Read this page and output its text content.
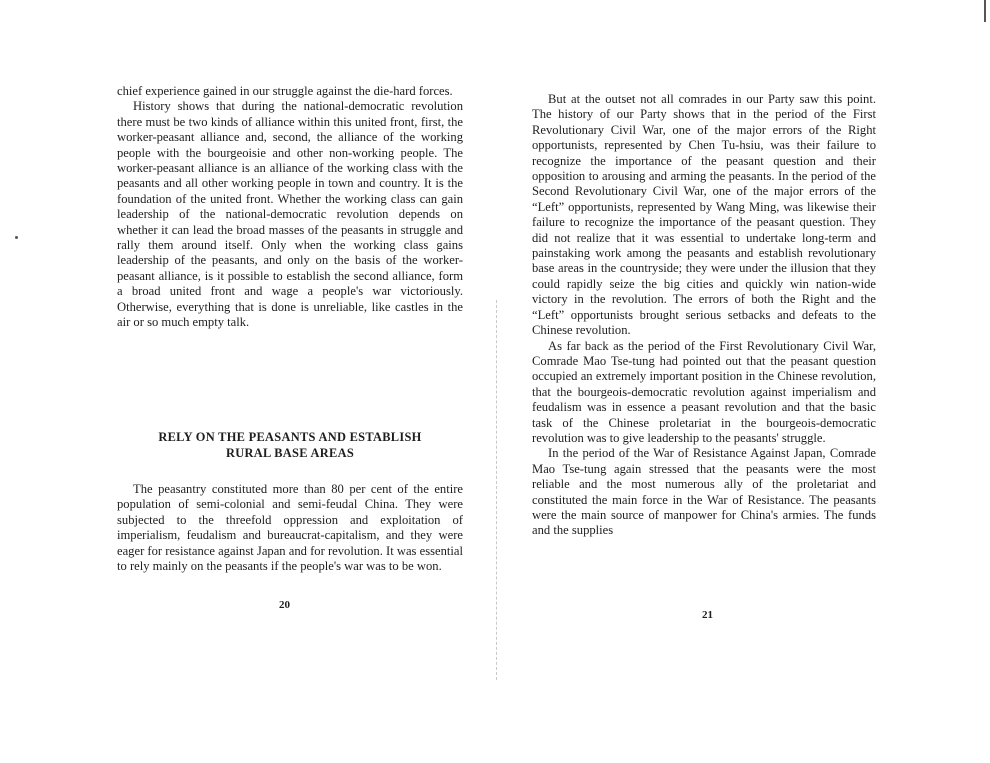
chief experience gained in our struggle against the die-hard forces.

History shows that during the national-democratic revolution there must be two kinds of alliance within this united front, first, the worker-peasant alliance and, second, the alliance of the working people with the bourgeoisie and other non-working people. The worker-peasant alliance is an alliance of the working class with the peasants and all other working people in town and country. It is the foundation of the united front. Whether the working class can gain leadership of the national-democratic revolution depends on whether it can lead the broad masses of the peasants in struggle and rally them around itself. Only when the working class gains leadership of the peasants, and only on the basis of the worker-peasant alliance, is it possible to establish the second alliance, form a broad united front and wage a people's war victoriously. Otherwise, everything that is done is unreliable, like castles in the air or so much empty talk.

RELY ON THE PEASANTS AND ESTABLISH
RURAL BASE AREAS

The peasantry constituted more than 80 per cent of the entire population of semi-colonial and semi-feudal China. They were subjected to the threefold oppression and exploitation of imperialism, feudalism and bureaucrat-capitalism, and they were eager for resistance against Japan and for revolution. It was essential to rely mainly on the peasants if the people's war was to be won.

20

But at the outset not all comrades in our Party saw this point. The history of our Party shows that in the period of the First Revolutionary Civil War, one of the major errors of the Right opportunists, represented by Chen Tu-hsiu, was their failure to recognize the importance of the peasant question and their opposition to arousing and arming the peasants. In the period of the Second Revolutionary Civil War, one of the major errors of the “Left” opportunists, represented by Wang Ming, was likewise their failure to recognize the importance of the peasant question. They did not realize that it was essential to undertake long-term and painstaking work among the peasants and establish revolutionary base areas in the countryside; they were under the illusion that they could rapidly seize the big cities and quickly win nation-wide victory in the revolution. The errors of both the Right and the “Left” opportunists brought serious setbacks and defeats to the Chinese revolution.

As far back as the period of the First Revolutionary Civil War, Comrade Mao Tse-tung had pointed out that the peasant question occupied an extremely important position in the Chinese revolution, that the bourgeois-democratic revolution against imperialism and feudalism was in essence a peasant revolution and that the basic task of the Chinese proletariat in the bourgeois-democratic revolution was to give leadership to the peasants' struggle.

In the period of the War of Resistance Against Japan, Comrade Mao Tse-tung again stressed that the peasants were the most reliable and the most numerous ally of the proletariat and constituted the main force in the War of Resistance. The peasants were the main source of manpower for China's armies. The funds and the supplies

21
